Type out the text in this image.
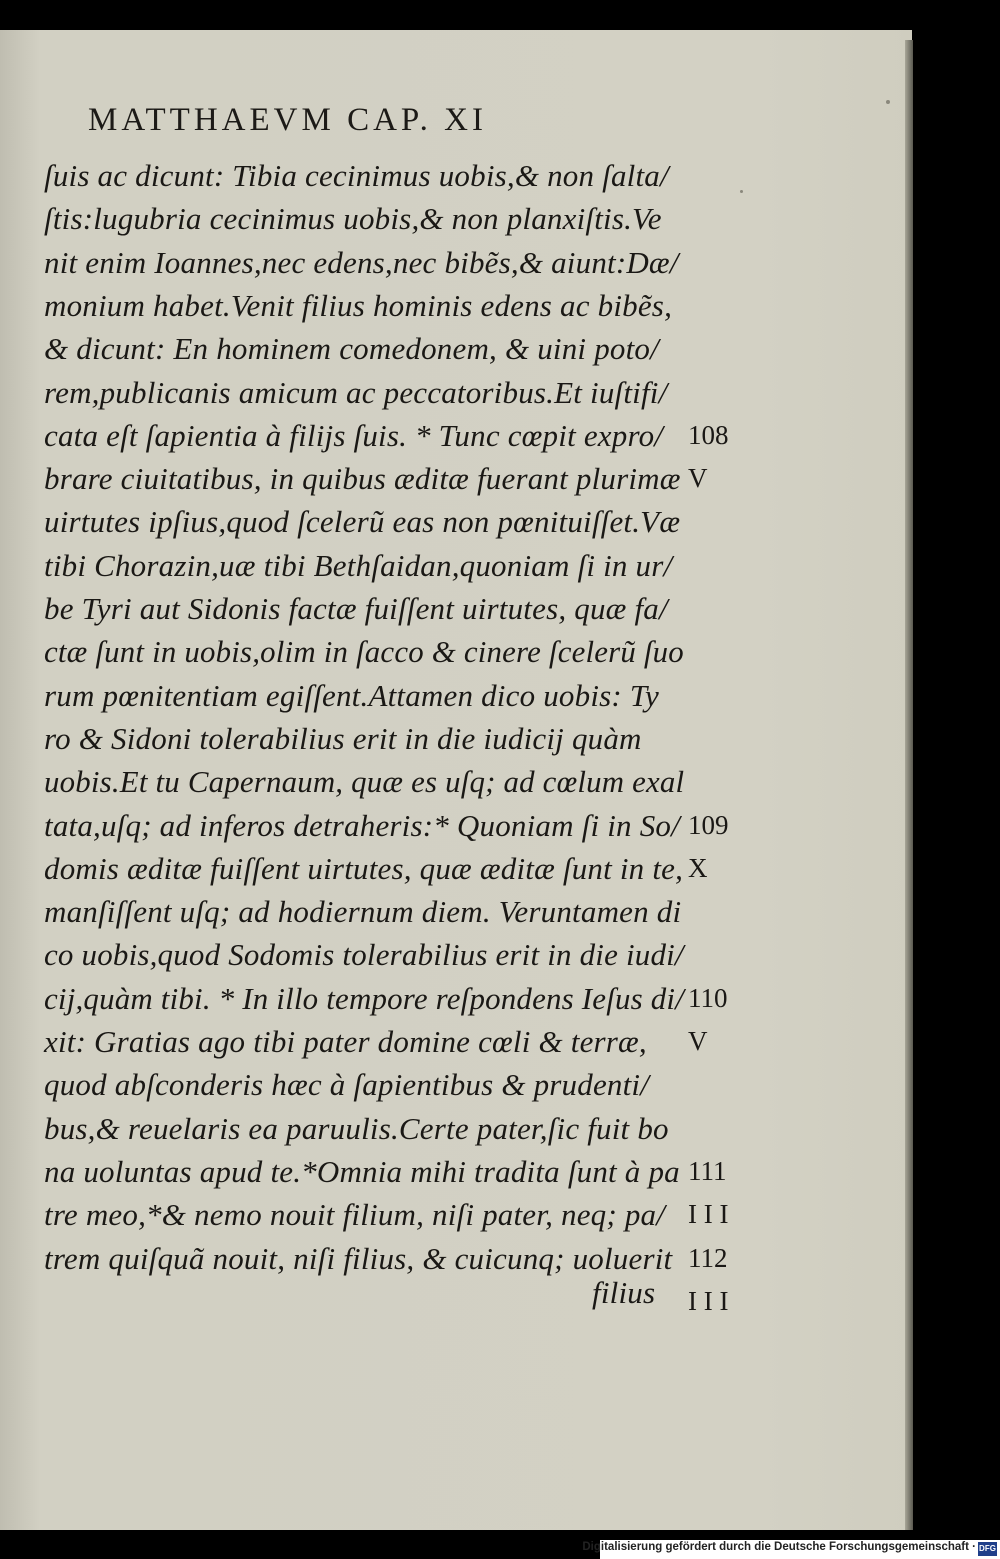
MATTHAEVM CAP. XI
ſuis ac dicunt: Tibia cecinimus uobis,& non ſalta/
ſtis:lugubria cecinimus uobis,& non planxiſtis.Ve
nit enim Ioannes,nec edens,nec bibẽs,& aiunt:Dæ/
monium habet.Venit filius hominis edens ac bibẽs,
& dicunt: En hominem comedonem, & uini poto/
rem,publicanis amicum ac peccatoribus.Et iuſtifi/
cata eſt ſapientia à filijs ſuis. * Tunc cœpit expro/
brare ciuitatibus, in quibus æditæ fuerant plurimæ
uirtutes ipſius,quod ſcelerũ eas non pœnituiſſet.Væ
tibi Chorazin,uæ tibi Bethſaidan,quoniam ſi in ur/
be Tyri aut Sidonis factæ fuiſſent uirtutes, quæ fa/
ctæ ſunt in uobis,olim in ſacco & cinere ſcelerũ ſuo
rum pœnitentiam egiſſent.Attamen dico uobis: Ty
ro & Sidoni tolerabilius erit in die iudicij quàm
uobis.Et tu Capernaum, quæ es uſq; ad cœlum exal
tata,uſq; ad inferos detraheris:* Quoniam ſi in So/
domis æditæ fuiſſent uirtutes, quæ æditæ ſunt in te,
manſiſſent uſq; ad hodiernum diem. Veruntamen di
co uobis,quod Sodomis tolerabilius erit in die iudi/
cij,quàm tibi. * In illo tempore reſpondens Ieſus di/
xit: Gratias ago tibi pater domine cœli & terræ,
quod abſconderis hæc à ſapientibus & prudenti/
bus,& reuelaris ea paruulis.Certe pater,ſic fuit bo
na uoluntas apud te.*Omnia mihi tradita ſunt à pa
tre meo,*& nemo nouit filium, niſi pater, neq; pa/
trem quiſquã nouit, niſi filius, & cuicunq; uoluerit
108
V
109
X
110
V
111
I I I
112
I I I
filius
Digitalisierung gefördert durch die Deutsche Forschungsgemeinschaft · DFG
